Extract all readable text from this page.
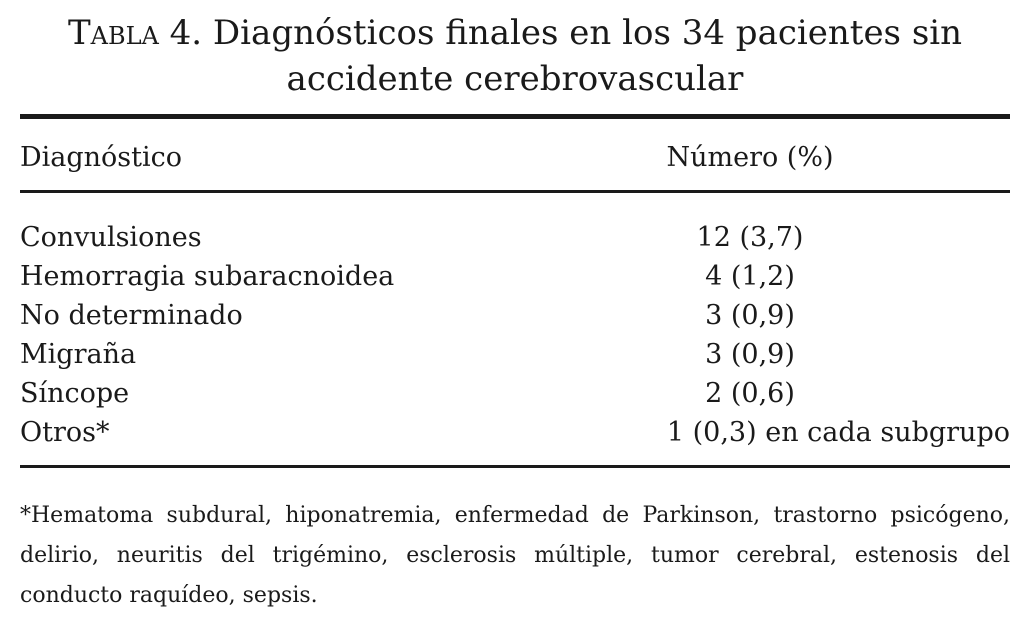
Tabla 4. Diagnósticos finales en los 34 pacientes sin accidente cerebrovascular
Diagnóstico	Número (%)
Convulsiones	12 (3,7)
Hemorragia subaracnoidea	4 (1,2)
No determinado	3 (0,9)
Migraña	3 (0,9)
Síncope	2 (0,6)
Otros*	1 (0,3) en cada subgrupo
*Hematoma subdural, hiponatremia, enfermedad de Parkinson, trastorno psicógeno, delirio, neuritis del trigémino, esclerosis múltiple, tumor cerebral, estenosis del conducto raquídeo, sepsis.
